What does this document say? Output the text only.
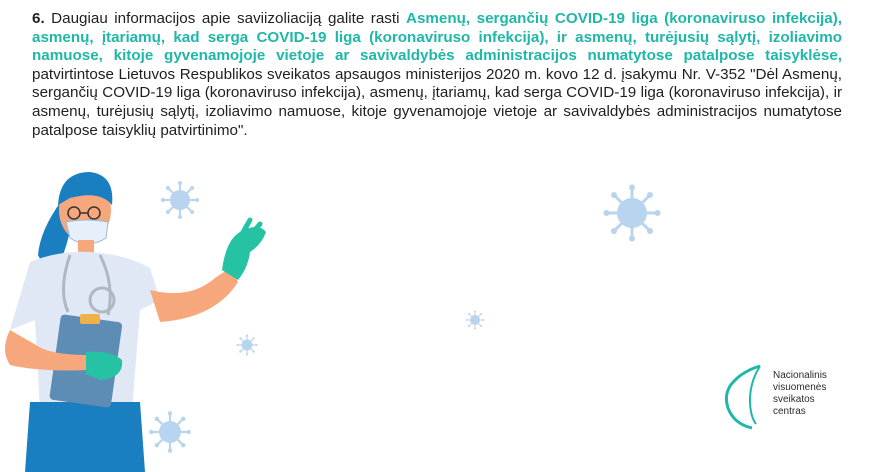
6. Daugiau informacijos apie saviizoliaciją galite rasti Asmenų, sergančių COVID-19 liga (koronaviruso infekcija), asmenų, įtariamų, kad serga COVID-19 liga (koronaviruso infekcija), ir asmenų, turėjusių sąlytį, izoliavimo namuose, kitoje gyvenamojoje vietoje ar savivaldybės administracijos numatytose patalpose taisyklėse, patvirtintose Lietuvos Respublikos sveikatos apsaugos ministerijos 2020 m. kovo 12 d. įsakymu Nr. V-352 "Dėl Asmenų, sergančių COVID-19 liga (koronaviruso infekcija), asmenų, įtariamų, kad serga COVID-19 liga (koronaviruso infekcija), ir asmenų, turėjusių sąlytį, izoliavimo namuose, kitoje gyvenamojoje vietoje ar savivaldybės administracijos numatytose patalpose taisyklių patvirtinimo".
Nacionalinis
visuomenės
sveikatos
centras
